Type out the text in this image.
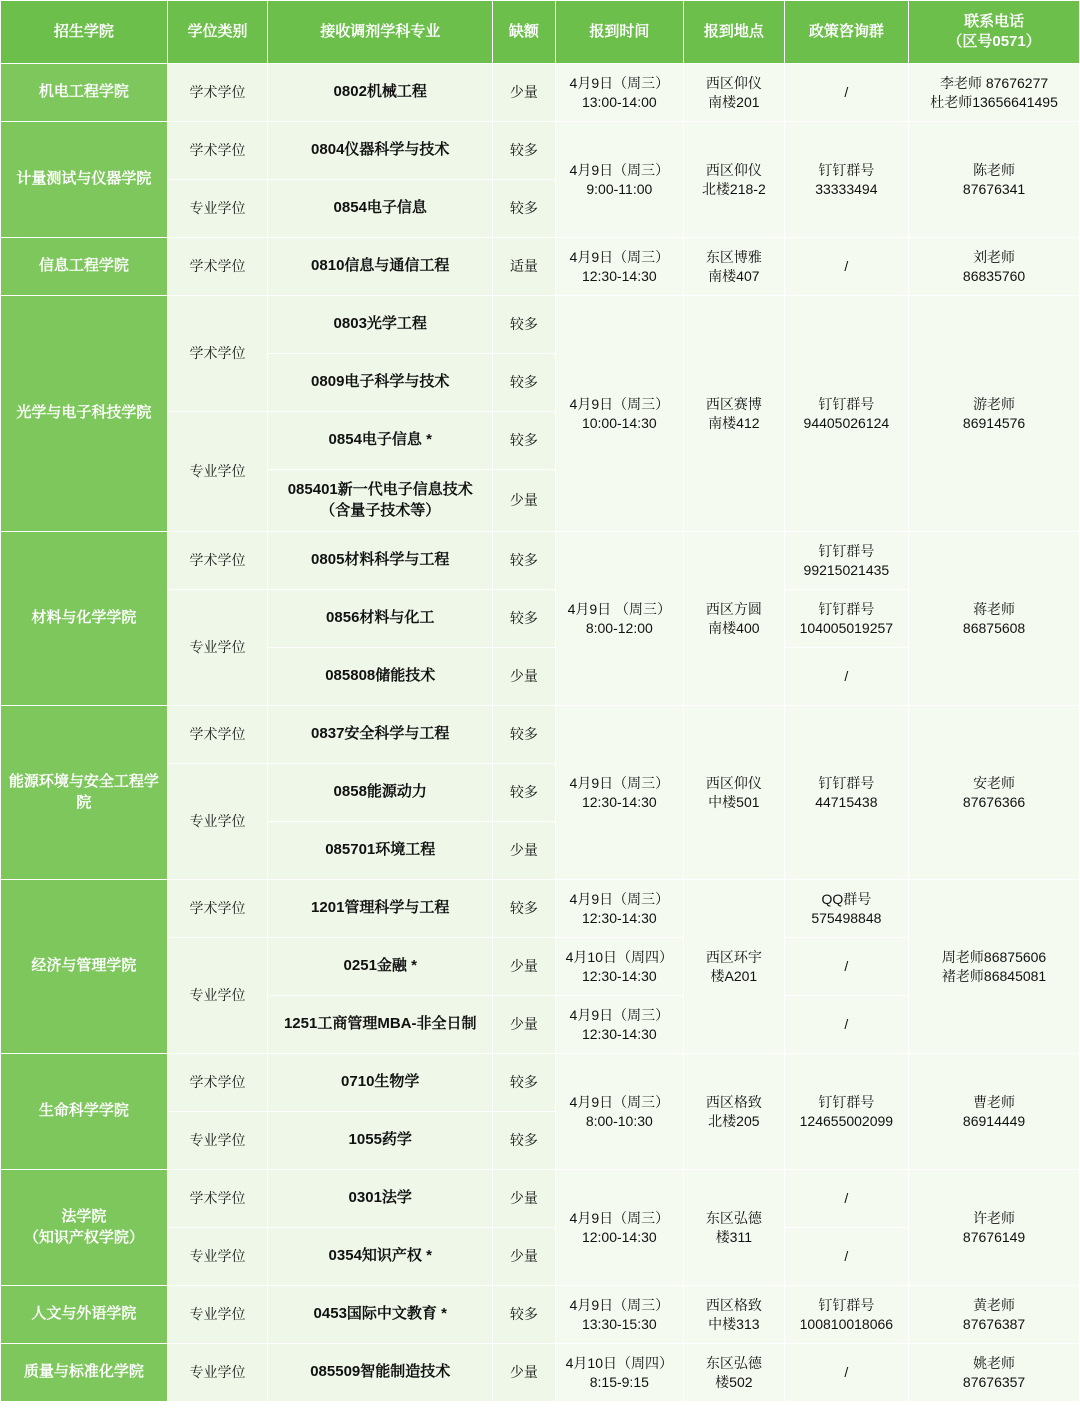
招生学院	学位类别	接收调剂学科专业	缺额	报到时间	报到地点	政策咨询群	联系电话
（区号0571）

机电工程学院	学术学位	0802机械工程	少量	4月9日（周三）
13:00-14:00	西区仰仪
南楼201	/	李老师 87676277
杜老师13656641495

计量测试与仪器学院	学术学位	0804仪器科学与技术	较多	4月9日（周三）
9:00-11:00	西区仰仪
北楼218-2	钉钉群号
33333494	陈老师
87676341

	专业学位	0854电子信息	较多				
信息工程学院	学术学位	0810信息与通信工程	适量	4月9日（周三）
12:30-14:30	东区博雅
南楼407	/	刘老师
86835760

光学与电子科技学院	学术学位	0803光学工程	较多	4月9日（周三）
10:00-14:30	西区赛博
南楼412	钉钉群号
94405026124	游老师
86914576

		0809电子科学与技术	较多				
	专业学位	0854电子信息 *	较多				

		085401新一代电子信息技术
（含量子技术等）	少量				
材料与化学学院	学术学位	0805材料科学与工程	较多	4月9日 （周三）
8:00-12:00	西区方圆
南楼400	钉钉群号
99215021435	蒋老师
86875608

	专业学位	0856材料与化工	较多			钉钉群号
104005019257	

		085808储能技术	少量			/	

能源环境与安全工程学院	学术学位	0837安全科学与工程	较多	4月9日（周三）
12:30-14:30	西区仰仪
中楼501	钉钉群号
44715438	安老师
87676366

	专业学位	0858能源动力	较多				
		085701环境工程	少量				
经济与管理学院	学术学位	1201管理科学与工程	较多	4月9日（周三）
12:30-14:30	西区环宇
楼A201	QQ群号
575498848	周老师86875606
褚老师86845081

	专业学位	0251金融 *	少量	4月10日（周四）
12:30-14:30		/	

		1251工商管理MBA-非全日制	少量	4月9日（周三）
12:30-14:30		/	

生命科学学院	学术学位	0710生物学	较多	4月9日（周三）
8:00-10:30	西区格致
北楼205	钉钉群号
124655002099	曹老师
86914449

	专业学位	1055药学	较多				

法学院
（知识产权学院）	学术学位	0301法学	少量	4月9日（周三）
12:00-14:30	东区弘德
楼311	/	许老师
87676149

	专业学位	0354知识产权 *	少量			/	

人文与外语学院	专业学位	0453国际中文教育 *	较多	4月9日（周三）
13:30-15:30	西区格致
中楼313	钉钉群号
100810018066	黄老师
87676387

质量与标准化学院	专业学位	085509智能制造技术	少量	4月10日（周四）
8:15-9:15	东区弘德
楼502	/	姚老师
87676357
